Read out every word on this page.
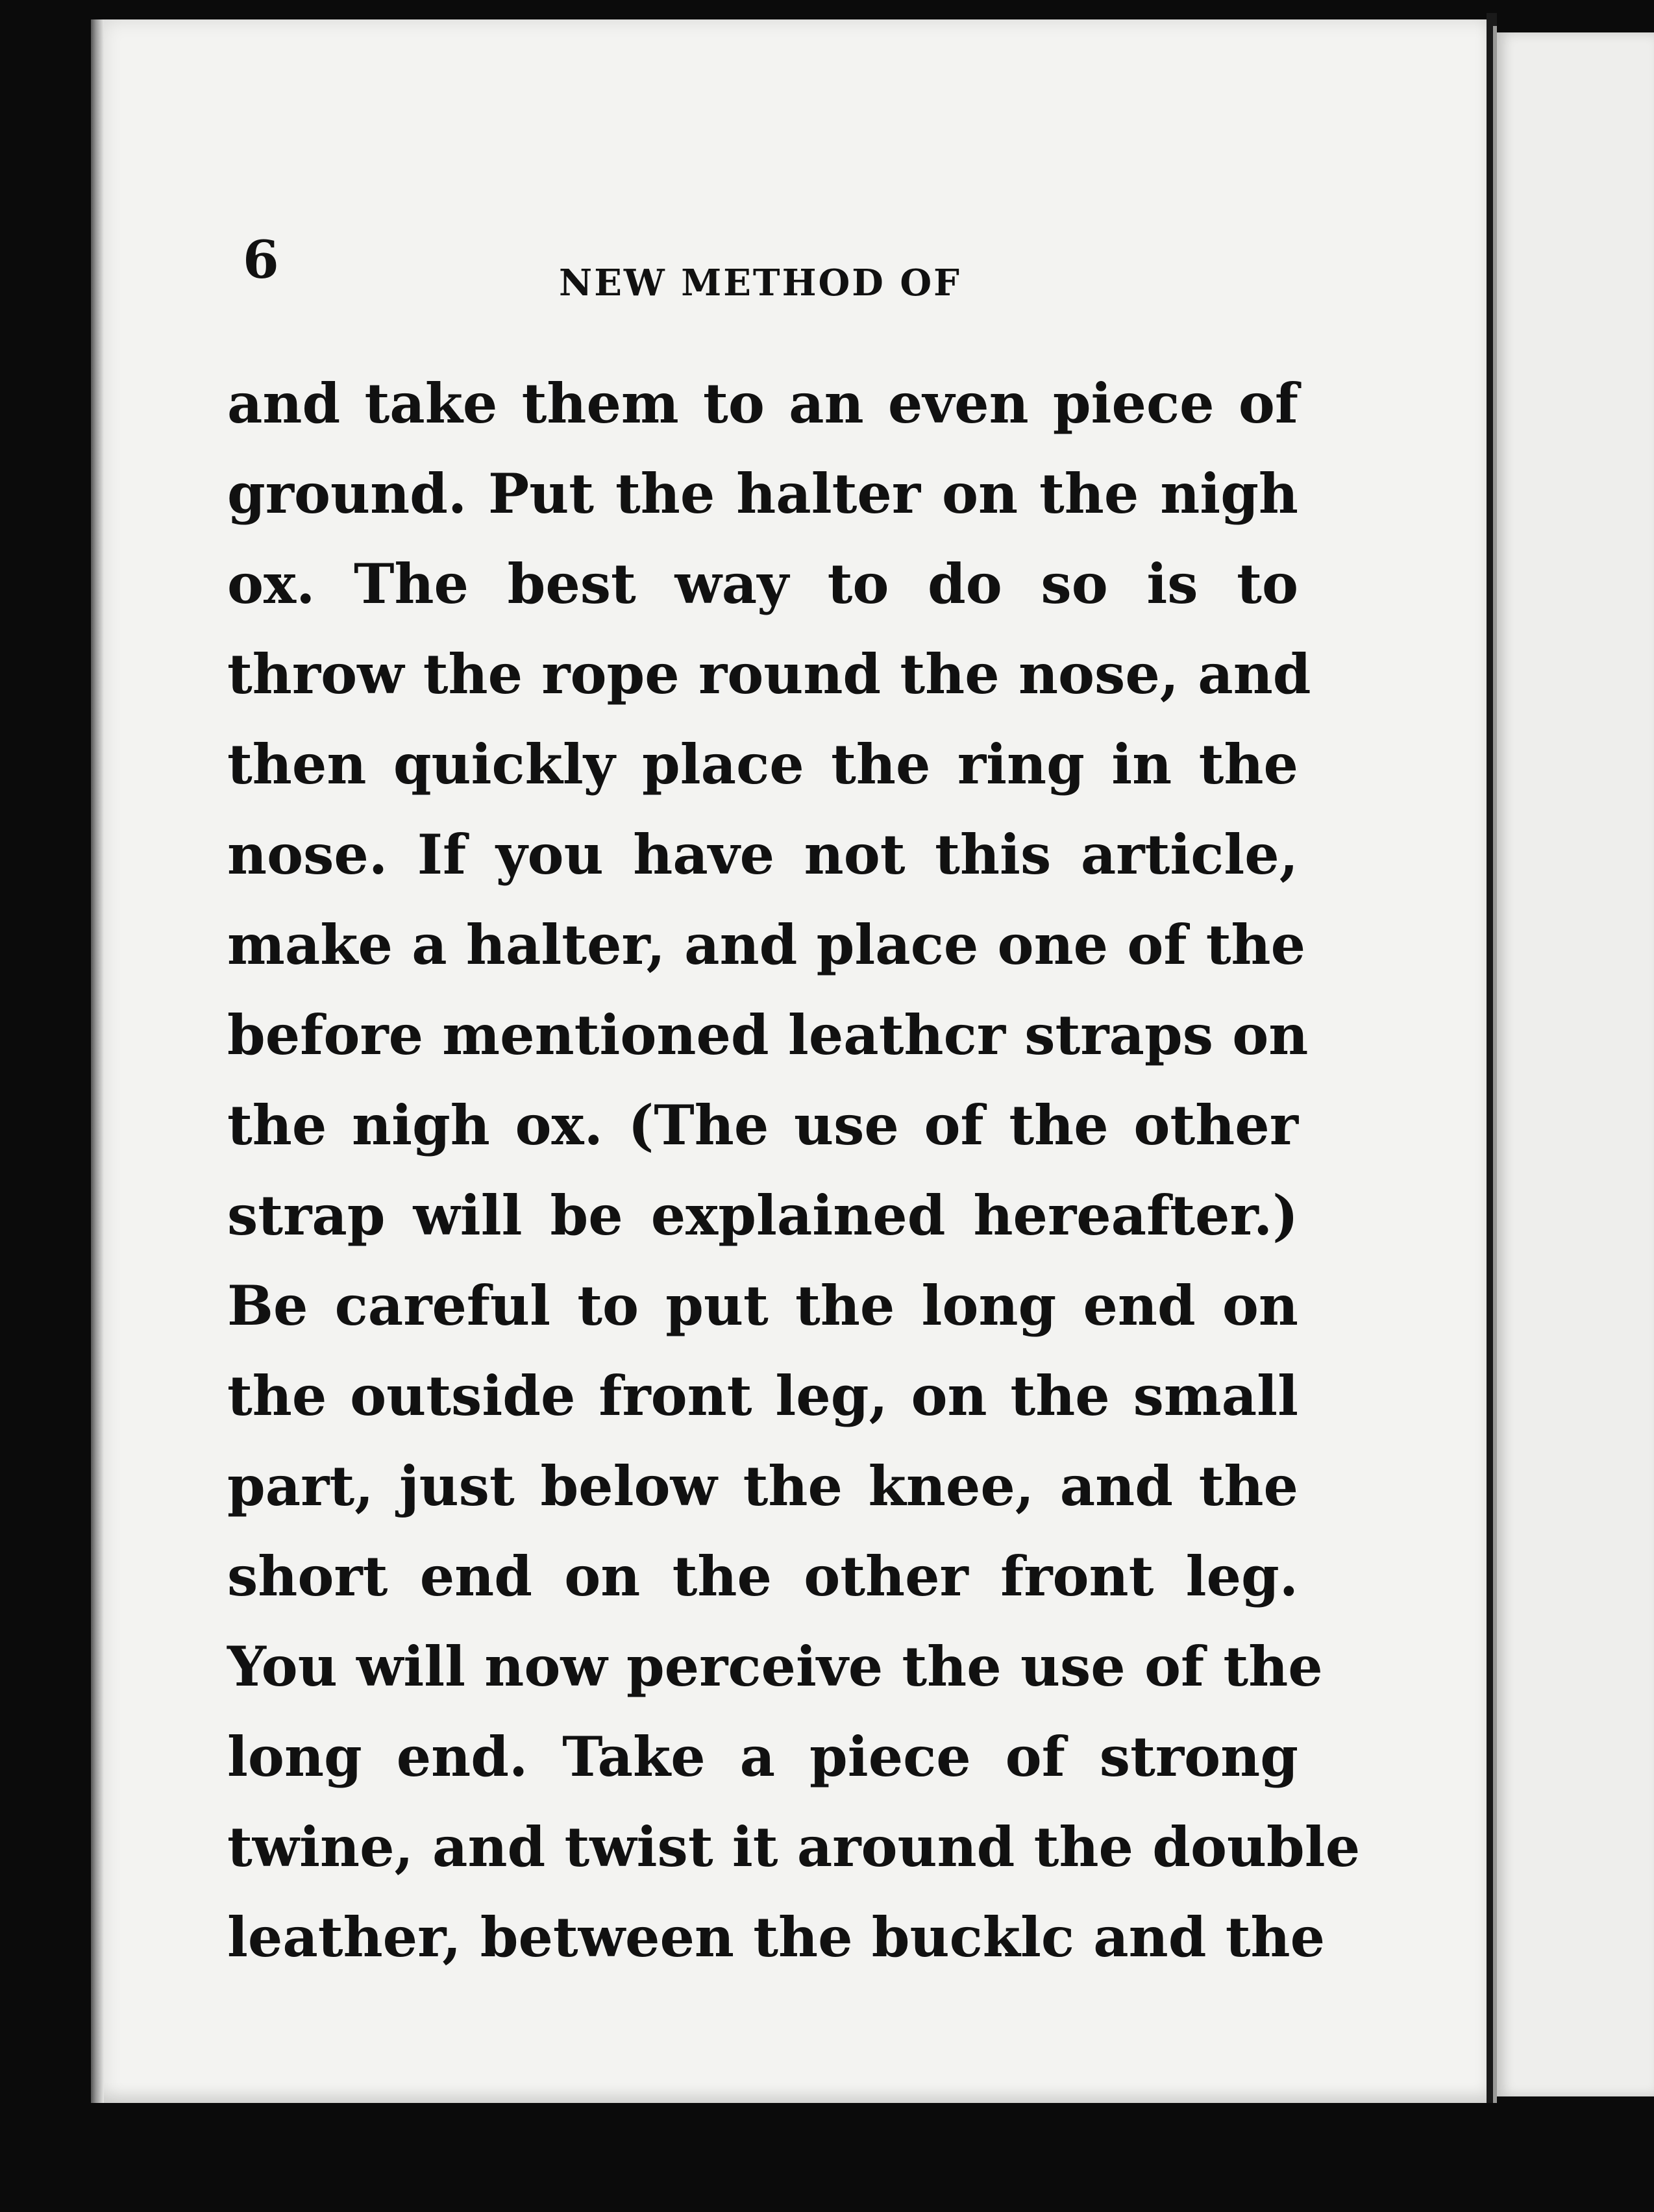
6	NEW METHOD OF
and take them to an even piece of
ground. Put the halter on the nigh
ox. The best way to do so is to
throw the rope round the nose, and
then quickly place the ring in the
nose. If you have not this article,
make a halter, and place one of the
before mentioned leathcr straps on
the nigh ox. (The use of the other
strap will be explained hereafter.)
Be careful to put the long end on
the outside front leg, on the small
part, just below the knee, and the
short end on the other front leg.
You will now perceive the use of the
long end. Take a piece of strong
twine, and twist it around the double
leather, between the bucklc and the
